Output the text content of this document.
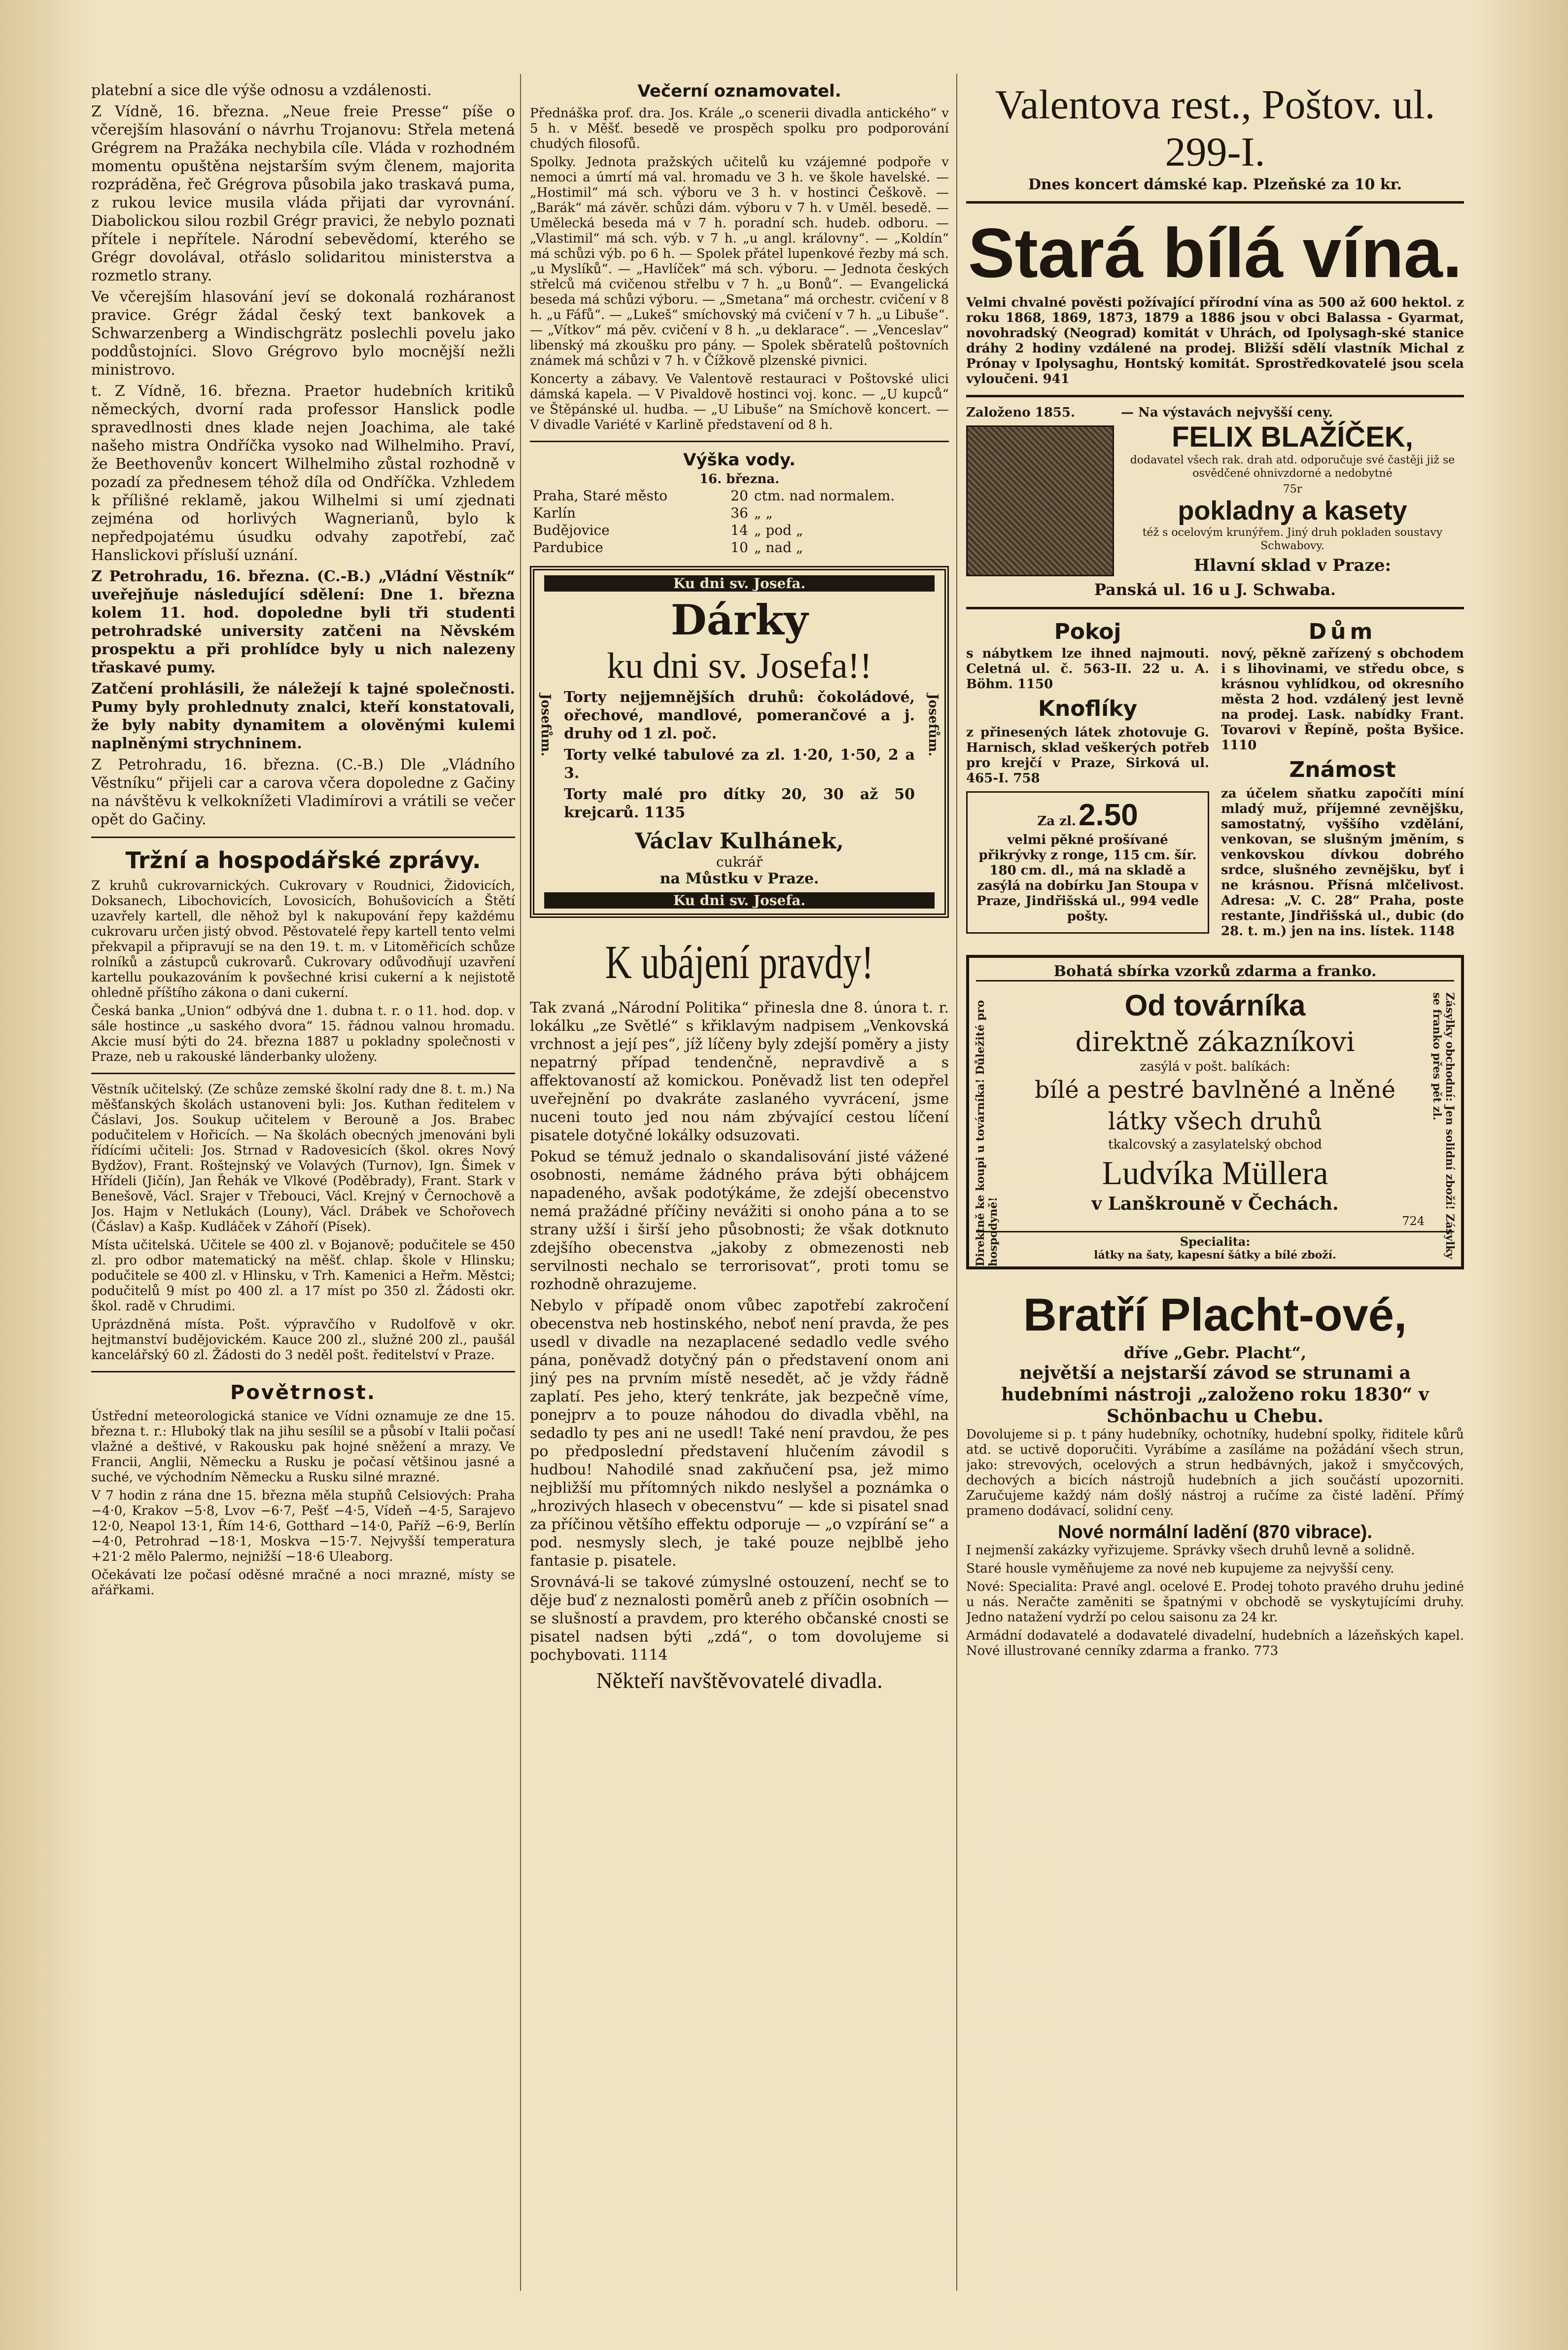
platební a sice dle výše odnosu a vzdálenosti.

Z Vídně, 16. března. „Neue freie Presse“ píše o včerejším hlasování o návrhu Trojanovu: Střela metená Grégrem na Pražáka nechybila cíle. Vláda v rozhodném momentu opuštěna nejstarším svým členem, majorita rozpráděna, řeč Grégrova působila jako traskavá puma, z rukou levice musila vláda přijati dar vyrovnání. Diabolickou silou rozbil Grégr pravici, že nebylo poznati přítele i nepřítele. Národní sebevědomí, kterého se Grégr dovolával, otřáslo solidaritou ministerstva a rozmetlo strany.

Ve včerejším hlasování jeví se dokonalá rozháranost pravice. Grégr žádal český text bankovek a Schwarzenberg a Windischgrätz poslechli povelu jako poddůstojníci. Slovo Grégrovo bylo mocnější nežli ministrovo.

t. Z Vídně, 16. března. Praetor hudebních kritiků německých, dvorní rada professor Hanslick podle spravedlnosti dnes klade nejen Joachima, ale také našeho mistra Ondříčka vysoko nad Wilhelmiho. Praví, že Beethovenův koncert Wilhelmiho zůstal rozhodně v pozadí za přednesem téhož díla od Ondříčka. Vzhledem k přílišné reklamě, jakou Wilhelmi si umí zjednati zejména od horlivých Wagnerianů, bylo k nepředpojatému úsudku odvahy zapotřebí, zač Hanslickovi přísluší uznání.

Z Petrohradu, 16. března. (C.-B.) „Vládní Věstník“ uveřejňuje následující sdělení: Dne 1. března kolem 11. hod. dopoledne byli tři studenti petrohradské university zatčeni na Něvském prospektu a při prohlídce byly u nich nalezeny třaskavé pumy.

Zatčení prohlásili, že náležejí k tajné společnosti. Pumy byly prohlednuty znalci, kteří konstatovali, že byly nabity dynamitem a olověnými kulemi naplněnými strychninem.

Z Petrohradu, 16. března. (C.-B.) Dle „Vládního Věstníku“ přijeli car a carova včera dopoledne z Gačiny na návštěvu k velkoknížeti Vladimírovi a vrátili se večer opět do Gačiny.

Tržní a hospodářské zprávy.

Z kruhů cukrovarnických. Cukrovary v Roudnici, Židovicích, Doksanech, Libochovicích, Lovosicích, Bohušovicích a Štětí uzavřely kartell, dle něhož byl k nakupování řepy každému cukrovaru určen jistý obvod. Pěstovatelé řepy kartell tento velmi překvapil a připravují se na den 19. t. m. v Litoměřicích schůze rolníků a zástupců cukrovarů. Cukrovary odůvodňují uzavření kartellu poukazováním k povšechné krisi cukerní a k nejistotě ohledně příštího zákona o dani cukerní.

Česká banka „Union“ odbývá dne 1. dubna t. r. o 11. hod. dop. v sále hostince „u saského dvora“ 15. řádnou valnou hromadu. Akcie musí býti do 24. března 1887 u pokladny společnosti v Praze, neb u rakouské länderbanky uloženy.

Věstník učitelský. (Ze schůze zemské školní rady dne 8. t. m.) Na měšťanských školách ustanoveni byli: Jos. Kuthan ředitelem v Čáslavi, Jos. Soukup učitelem v Berouně a Jos. Brabec podučitelem v Hořicích. — Na školách obecných jmenováni byli řídícími učiteli: Jos. Strnad v Radovesicích (škol. okres Nový Bydžov), Frant. Roštejnský ve Volavých (Turnov), Ign. Šimek v Hřídeli (Jičín), Jan Řehák ve Vlkové (Poděbrady), Frant. Stark v Benešově, Václ. Srajer v Třebouci, Václ. Krejný v Černochově a Jos. Hajm v Netlukách (Louny), Václ. Drábek ve Schořovech (Čáslav) a Kašp. Kudláček v Záhoří (Písek).

Místa učitelská. Učitele se 400 zl. v Bojanově; podučitele se 450 zl. pro odbor matematický na měšť. chlap. škole v Hlinsku; podučitele se 400 zl. v Hlinsku, v Trh. Kamenici a Heřm. Městci; podučitelů 9 míst po 400 zl. a 17 míst po 350 zl. Žádosti okr. škol. radě v Chrudimi.

Uprázdněná místa. Pošt. výpravčího v Rudolfově v okr. hejtmanství budějovickém. Kauce 200 zl., služné 200 zl., paušál kancelářský 60 zl. Žádosti do 3 neděl pošt. ředitelství v Praze.

Povětrnost.

Ústřední meteorologická stanice ve Vídni oznamuje ze dne 15. března t. r.: Hluboký tlak na jihu sesílil se a působí v Italii počasí vlažné a deštivé, v Rakousku pak hojné sněžení a mrazy. Ve Francii, Anglii, Německu a Rusku je počasí většinou jasné a suché, ve východním Německu a Rusku silné mrazné.

V 7 hodin z rána dne 15. března měla stupňů Celsiových: Praha −4·0, Krakov −5·8, Lvov −6·7, Pešť −4·5, Vídeň −4·5, Sarajevo 12·0, Neapol 13·1, Řím 14·6, Gotthard −14·0, Paříž −6·9, Berlín −4·0, Petrohrad −18·1, Moskva −15·7. Nejvyšší temperatura +21·2 mělo Palermo, nejnižší −18·6 Uleaborg.

Očekávati lze počasí oděsné mračné a noci mrazné, místy se ařářkami.

Večerní oznamovatel.

Přednáška prof. dra. Jos. Krále „o scenerii divadla antického“ v 5 h. v Měšť. besedě ve prospěch spolku pro podporování chudých filosofů.

Spolky. Jednota pražských učitelů ku vzájemné podpoře v nemoci a úmrtí má val. hromadu ve 3 h. ve škole havelské. — „Hostimil“ má sch. výboru ve 3 h. v hostinci Češkově. — „Barák“ má závěr. schůzi dám. výboru v 7 h. v Uměl. besedě. — Umělecká beseda má v 7 h. poradní sch. hudeb. odboru. — „Vlastimil“ má sch. výb. v 7 h. „u angl. královny“. — „Koldín“ má schůzi výb. po 6 h. — Spolek přátel lupenkové řezby má sch. „u Myslíků“. — „Havlíček“ má sch. výboru. — Jednota českých střelců má cvičenou střelbu v 7 h. „u Bonů“. — Evangelická beseda má schůzi výboru. — „Smetana“ má orchestr. cvičení v 8 h. „u Fáfů“. — „Lukeš“ smíchovský má cvičení v 7 h. „u Libuše“. — „Vítkov“ má pěv. cvičení v 8 h. „u deklarace“. — „Venceslav“ libenský má zkoušku pro pány. — Spolek sběratelů poštovních známek má schůzi v 7 h. v Čížkově plzenské pivnici.

Koncerty a zábavy. Ve Valentově restauraci v Poštovské ulici dámská kapela. — V Pivaldově hostinci voj. konc. — „U kupců“ ve Štěpánské ul. hudba. — „U Libuše“ na Smíchově koncert. — V divadle Variété v Karlině představení od 8 h.

Výška vody.
16. března.
Praha, Staré město	20	ctm. nad normalem.
Karlín	36	„ „
Budějovice	14	„ pod „
Pardubice	10	„ nad „
Ku dni sv. Josefa.
Josefům.	Josefům.
Dárky
ku dni sv. Josefa!!

Torty nejjemnějších druhů: čokoládové, ořechové, mandlové, pomerančové a j. druhy od 1 zl. poč.

Torty velké tabulové za zl. 1·20, 1·50, 2 a 3.

Torty malé pro dítky 20, 30 až 50 krejcarů. 1135

Václav Kulhánek,
cukrář
na Můstku v Praze.
Ku dni sv. Josefa.
K ubájení pravdy!

Tak zvaná „Národní Politika“ přinesla dne 8. února t. r. lokálku „ze Světlé“ s křiklavým nadpisem „Venkovská vrchnost a její pes“, jíž líčeny byly zdejší poměry a jisty nepatrný případ tendenčně, nepravdivě a s affektovaností až komickou. Poněvadž list ten odepřel uveřejnění po dvakráte zaslaného vyvrácení, jsme nuceni touto jed nou nám zbývající cestou líčení pisatele dotyčné lokálky odsuzovati.

Pokud se témuž jednalo o skandalisování jisté vážené osobnosti, nemáme žádného práva býti obhájcem napadeného, avšak podotýkáme, že zdejší obecenstvo nemá pražádné příčiny nevážiti si onoho pána a to se strany užší i širší jeho působnosti; že však dotknuto zdejšího obecenstva „jakoby z obmezenosti neb servilnosti nechalo se terrorisovat“, proti tomu se rozhodně ohrazujeme.

Nebylo v případě onom vůbec zapotřebí zakročení obecenstva neb hostinského, neboť není pravda, že pes usedl v divadle na nezaplacené sedadlo vedle svého pána, poněvadž dotyčný pán o představení onom ani jiný pes na prvním místě nesedět, ač je vždy řádně zaplatí. Pes jeho, který tenkráte, jak bezpečně víme, ponejprv a to pouze náhodou do divadla vběhl, na sedadlo ty pes ani ne usedl! Také není pravdou, že pes po předposlední představení hlučením závodil s hudbou! Nahodilé snad zakňučení psa, jež mimo nejbližší mu přítomných nikdo neslyšel a poznámka o „hrozivých hlasech v obecenstvu“ — kde si pisatel snad za příčinou většího effektu odporuje — „o vzpírání se“ a pod. nesmysly slech, je také pouze nejblbě jeho fantasie p. pisatele.

Srovnává-li se takové zúmyslné ostouzení, nechť se to děje buď z neznalosti poměrů aneb z příčin osobních — se slušností a pravdem, pro kterého občanské cnosti se pisatel nadsen býti „zdá“, o tom dovolujeme si pochybovati. 1114

Někteří navštěvovatelé divadla.
Valentova rest., Poštov. ul. 299-I.
Dnes koncert dámské kap. Plzeňské za 10 kr.
Stará bílá vína.

Velmi chvalné pověsti požívající přírodní vína as 500 až 600 hektol. z roku 1868, 1869, 1873, 1879 a 1886 jsou v obci Balassa - Gyarmat, novohradský (Neograd) komitát v Uhrách, od Ipolysagh-ské stanice dráhy 2 hodiny vzdálené na prodej. Bližší sdělí vlastník Michal z Prónay v Ipolysaghu, Hontský komitát. Sprostředkovatelé jsou scela vyloučeni. 941

Založeno 1855.	— Na výstavách nejvyšší ceny.
FELIX BLAŽÍČEK,

dodavatel všech rak. drah atd. odporučuje své častěji již se osvědčené ohnivzdorné a nedobytné

75r
pokladny a kasety

též s ocelovým krunýřem. Jiný druh pokladen soustavy Schwabovy.

Hlavní sklad v Praze:
Panská ul. 16 u J. Schwaba.
Pokoj

s nábytkem lze ihned najmouti. Celetná ul. č. 563-II. 22 u. A. Böhm. 1150

Knoflíky

z přinesených látek zhotovuje G. Harnisch, sklad veškerých potřeb pro krejčí v Praze, Sirková ul. 465-I. 758

Za zl. 2.50

velmi pěkné prošívané přikrývky z ronge, 115 cm. šír. 180 cm. dl., má na skladě a zasýlá na dobírku Jan Stoupa v Praze, Jindřišská ul., 994 vedle pošty.

Dům

nový, pěkně zařízený s obchodem i s lihovinami, ve středu obce, s krásnou vyhlídkou, od okresního města 2 hod. vzdálený jest levně na prodej. Lask. nabídky Frant. Tovarovi v Řepíně, pošta Byšice. 1110

Známost

za účelem sňatku započíti míní mladý muž, příjemné zevnějšku, samostatný, vyššího vzdělání, venkovan, se slušným jměním, s venkovskou dívkou dobrého srdce, slušného zevnějšku, byť i ne krásnou. Přísná mlčelivost. Adresa: „V. C. 28“ Praha, poste restante, Jindřišská ul., dubic (do 28. t. m.) jen na ins. lístek. 1148

Bohatá sbírka vzorků zdarma a franko.
Direktně ke koupi u továrníka! Důležité pro hospodyně!	Zásylky obchodní: Jen solidní zboží! Zásylky se franko přes pět zl.
Od továrníka
direktně zákazníkovi
zasýlá v pošt. balíkách:
bílé a pestré bavlněné a lněné
látky všech druhů
tkalcovský a zasylatelský obchod
Ludvíka Müllera
v Lanškrouně v Čechách.
724
Specialita:
látky na šaty, kapesní šátky a bílé zboží.
Bratří Placht-ové,
dříve „Gebr. Placht“,
největší a nejstarší závod se strunami a hudebními nástroji „založeno roku 1830“ v Schönbachu u Chebu.

Dovolujeme si p. t pány hudebníky, ochotníky, hudební spolky, řiditele kůrů atd. se uctivě doporučiti. Vyrábíme a zasíláme na požádání všech strun, jako: strevových, ocelových a strun hedbávných, jakož i smyčcových, dechových a bicích nástrojů hudebních a jich součástí upozorniti. Zaručujeme každý nám došlý nástroj a ručíme za čisté ladění. Přímý prameno dodávací, solidní ceny.

Nové normální ladění (870 vibrace).

I nejmenší zakázky vyřizujeme. Správky všech druhů levně a solidně.

Staré housle vyměňujeme za nové neb kupujeme za nejvyšší ceny.

Nové: Specialita: Pravé angl. ocelové E. Prodej tohoto pravého druhu jediné u nás. Neračte zaměniti se špatnými v obchodě se vyskytujícími druhy. Jedno natažení vydrží po celou saisonu za 24 kr.

Armádní dodavatelé a dodavatelé divadelní, hudebních a lázeňských kapel. Nové illustrované cenníky zdarma a franko. 773
